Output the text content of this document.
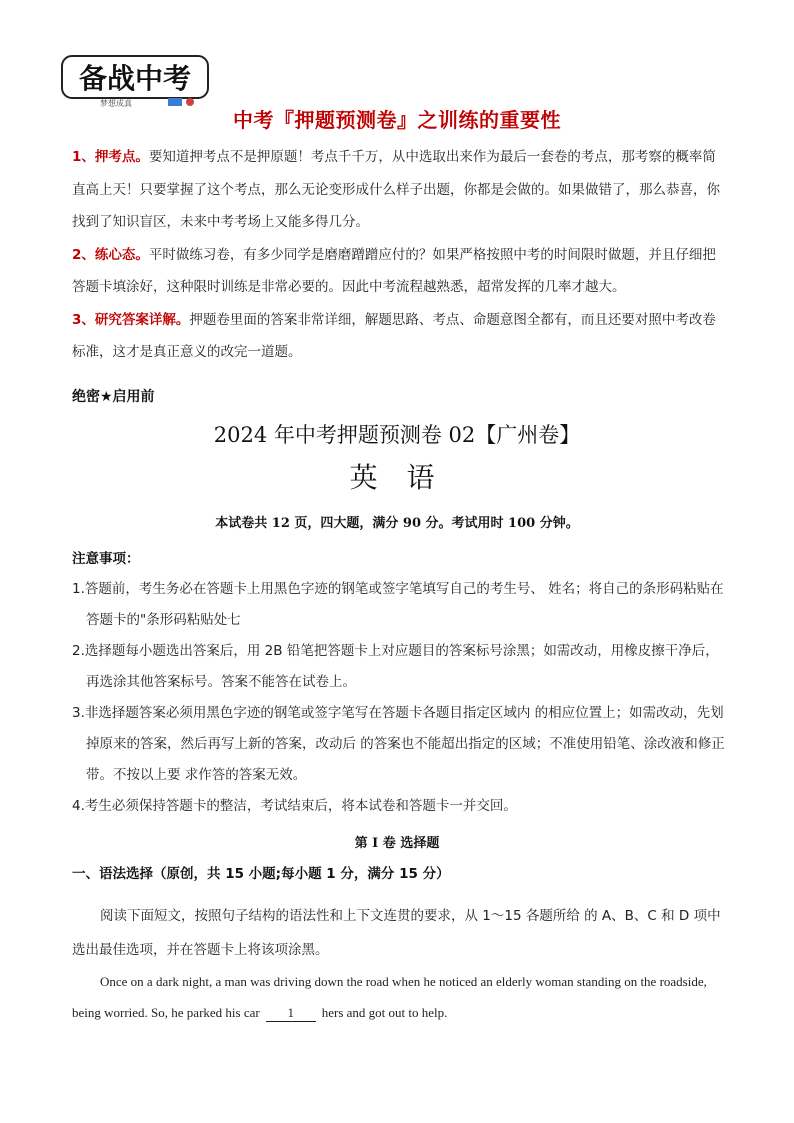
备战中考
梦想成真
中考『押题预测卷』之训练的重要性

1、押考点。要知道押考点不是押原题！考点千千万，从中选取出来作为最后一套卷的考点，那考察的概率简直高上天！只要掌握了这个考点，那么无论变形成什么样子出题，你都是会做的。如果做错了，那么恭喜，你找到了知识盲区，未来中考考场上又能多得几分。

2、练心态。平时做练习卷，有多少同学是磨磨蹭蹭应付的？如果严格按照中考的时间限时做题，并且仔细把答题卡填涂好，这种限时训练是非常必要的。因此中考流程越熟悉，超常发挥的几率才越大。

3、研究答案详解。押题卷里面的答案非常详细，解题思路、考点、命题意图全都有，而且还要对照中考改卷标准，这才是真正意义的改完一道题。

绝密★启用前
2024 年中考押题预测卷 02【广州卷】
英 语
本试卷共 12 页，四大题，满分 90 分。考试用时 100 分钟。
注意事项：

1.答题前，考生务必在答题卡上用黑色字迹的钢笔或签字笔填写自己的考生号、 姓名；将自己的条形码粘贴在答题卡的"条形码粘贴处七

2.选择题每小题选出答案后，用 2B 铅笔把答题卡上对应题目的答案标号涂黑；如需改动，用橡皮擦干净后，再选涂其他答案标号。答案不能答在试卷上。

3.非选择题答案必须用黑色字迹的钢笔或签字笔写在答题卡各题目指定区域内 的相应位置上；如需改动，先划掉原来的答案，然后再写上新的答案，改动后 的答案也不能超出指定的区域；不准使用铅笔、涂改液和修正带。不按以上要 求作答的答案无效。

4.考生必须保持答题卡的整洁，考试结束后，将本试卷和答题卡一并交回。

第 I 卷 选择题
一、语法选择（原创，共 15 小题;每小题 1 分，满分 15 分）
阅读下面短文，按照句子结构的语法性和上下文连贯的要求，从 1～15 各题所给 的 A、B、C 和 D 项中选出最佳选项，并在答题卡上将该项涂黑。
Once on a dark night, a man was driving down the road when he noticed an elderly woman standing on the roadside, being worried. So, he parked his car 1 hers and got out to help.
